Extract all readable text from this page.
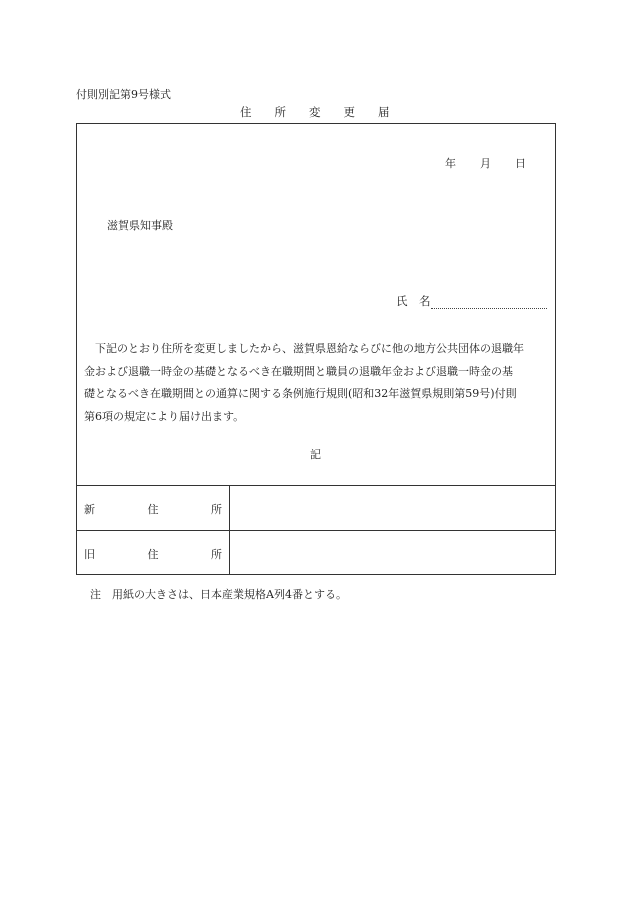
付則別記第9号様式
住 所 変 更 届
年 月 日
滋賀県知事殿
氏　名

　下記のとおり住所を変更しましたから、滋賀県恩給ならびに他の地方公共団体の退職年

金および退職一時金の基礎となるべき在職期間と職員の退職年金および退職一時金の基

礎となるべき在職期間との通算に関する条例施行規則(昭和32年滋賀県規則第59号)付則

第6項の規定により届け出ます。

記
新	住	所
旧	住	所
注　用紙の大きさは、日本産業規格A列4番とする。
